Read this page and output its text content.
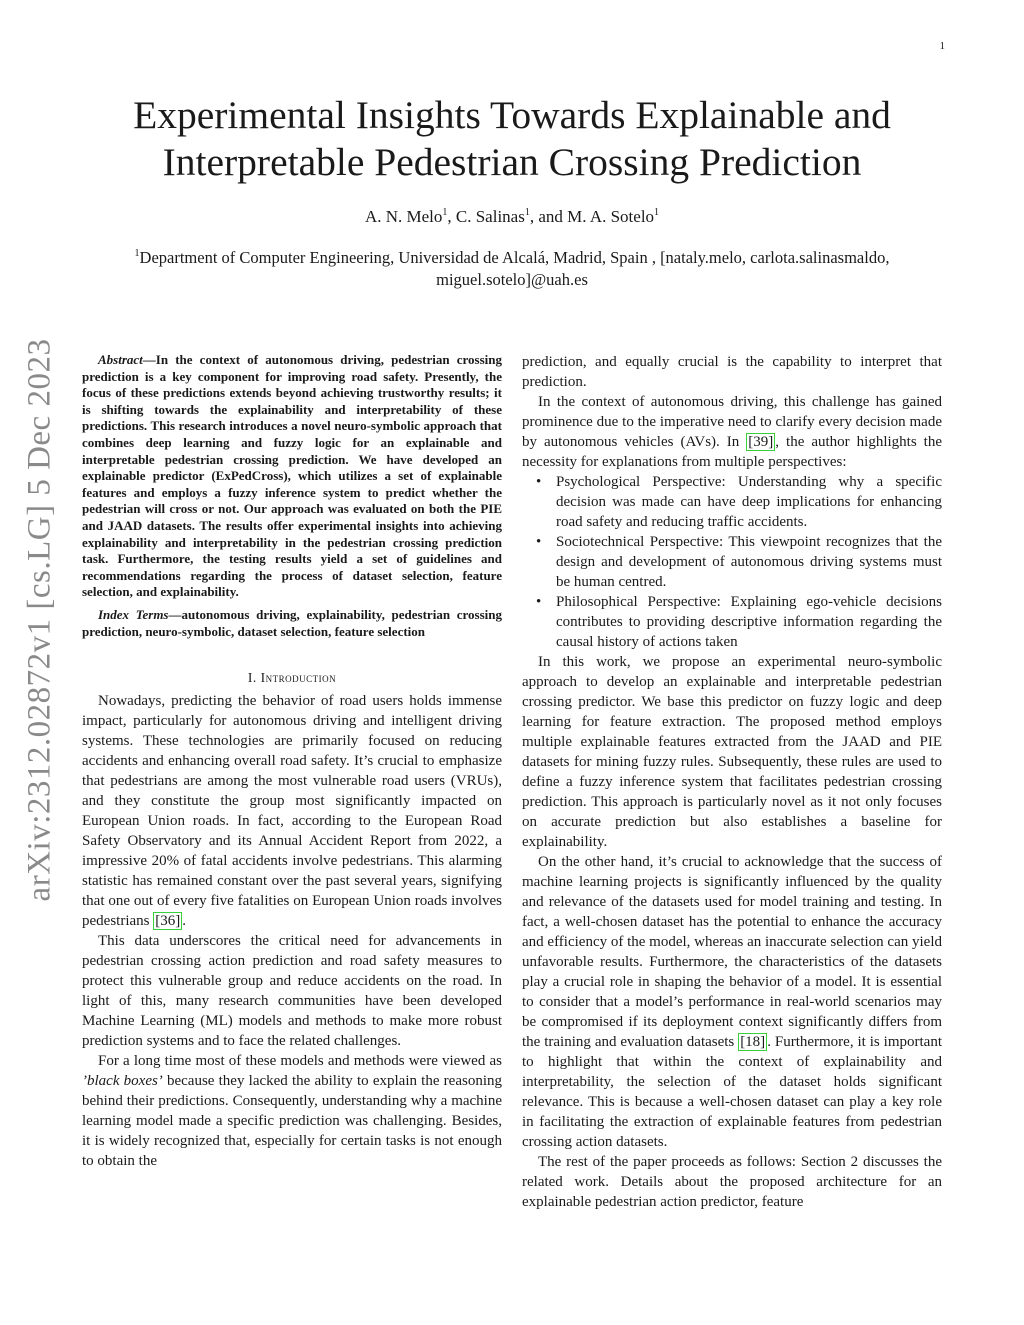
1
arXiv:2312.02872v1 [cs.LG] 5 Dec 2023
Experimental Insights Towards Explainable and
Interpretable Pedestrian Crossing Prediction
A. N. Melo$^1$, C. Salinas$^1$, and M. A. Sotelo$^1$
$^1$Department of Computer Engineering, Universidad de Alcalá, Madrid, Spain , [nataly.melo, carlota.salinasmaldo, miguel.sotelo]@uah.es

Abstract—In the context of autonomous driving, pedestrian crossing prediction is a key component for improving road safety. Presently, the focus of these predictions extends beyond achieving trustworthy results; it is shifting towards the explainability and interpretability of these predictions. This research introduces a novel neuro-symbolic approach that combines deep learning and fuzzy logic for an explainable and interpretable pedestrian crossing prediction. We have developed an explainable predictor (ExPedCross), which utilizes a set of explainable features and employs a fuzzy inference system to predict whether the pedestrian will cross or not. Our approach was evaluated on both the PIE and JAAD datasets. The results offer experimental insights into achieving explainability and interpretability in the pedestrian crossing prediction task. Furthermore, the testing results yield a set of guidelines and recommendations regarding the process of dataset selection, feature selection, and explainability.

Index Terms—autonomous driving, explainability, pedestrian crossing prediction, neuro-symbolic, dataset selection, feature selection

I. Introduction

Nowadays, predicting the behavior of road users holds immense impact, particularly for autonomous driving and intelligent driving systems. These technologies are primarily focused on reducing accidents and enhancing overall road safety. It’s crucial to emphasize that pedestrians are among the most vulnerable road users (VRUs), and they constitute the group most significantly impacted on European Union roads. In fact, according to the European Road Safety Observatory and its Annual Accident Report from 2022, a impressive 20% of fatal accidents involve pedestrians. This alarming statistic has remained constant over the past several years, signifying that one out of every five fatalities on European Union roads involves pedestrians [36] .

This data underscores the critical need for advancements in pedestrian crossing action prediction and road safety measures to protect this vulnerable group and reduce accidents on the road. In light of this, many research communities have been developed Machine Learning (ML) models and methods to make more robust prediction systems and to face the related challenges.

For a long time most of these models and methods were viewed as ’black boxes’ because they lacked the ability to explain the reasoning behind their predictions. Consequently, understanding why a machine learning model made a specific prediction was challenging. Besides, it is widely recognized that, especially for certain tasks is not enough to obtain the

prediction, and equally crucial is the capability to interpret that prediction.

In the context of autonomous driving, this challenge has gained prominence due to the imperative need to clarify every decision made by autonomous vehicles (AVs). In [39] , the author highlights the necessity for explanations from multiple perspectives:

• Psychological Perspective: Understanding why a specific decision was made can have deep implications for enhancing road safety and reducing traffic accidents.
• Sociotechnical Perspective: This viewpoint recognizes that the design and development of autonomous driving systems must be human centred.
• Philosophical Perspective: Explaining ego-vehicle decisions contributes to providing descriptive information regarding the causal history of actions taken

In this work, we propose an experimental neuro-symbolic approach to develop an explainable and interpretable pedestrian crossing predictor. We base this predictor on fuzzy logic and deep learning for feature extraction. The proposed method employs multiple explainable features extracted from the JAAD and PIE datasets for mining fuzzy rules. Subsequently, these rules are used to define a fuzzy inference system that facilitates pedestrian crossing prediction. This approach is particularly novel as it not only focuses on accurate prediction but also establishes a baseline for explainability.

On the other hand, it’s crucial to acknowledge that the success of machine learning projects is significantly influenced by the quality and relevance of the datasets used for model training and testing. In fact, a well-chosen dataset has the potential to enhance the accuracy and efficiency of the model, whereas an inaccurate selection can yield unfavorable results. Furthermore, the characteristics of the datasets play a crucial role in shaping the behavior of a model. It is essential to consider that a model’s performance in real-world scenarios may be compromised if its deployment context significantly differs from the training and evaluation datasets [18] . Furthermore, it is important to highlight that within the context of explainability and interpretability, the selection of the dataset holds significant relevance. This is because a well-chosen dataset can play a key role in facilitating the extraction of explainable features from pedestrian crossing action datasets.

The rest of the paper proceeds as follows: Section 2 discusses the related work. Details about the proposed architecture for an explainable pedestrian action predictor, feature
